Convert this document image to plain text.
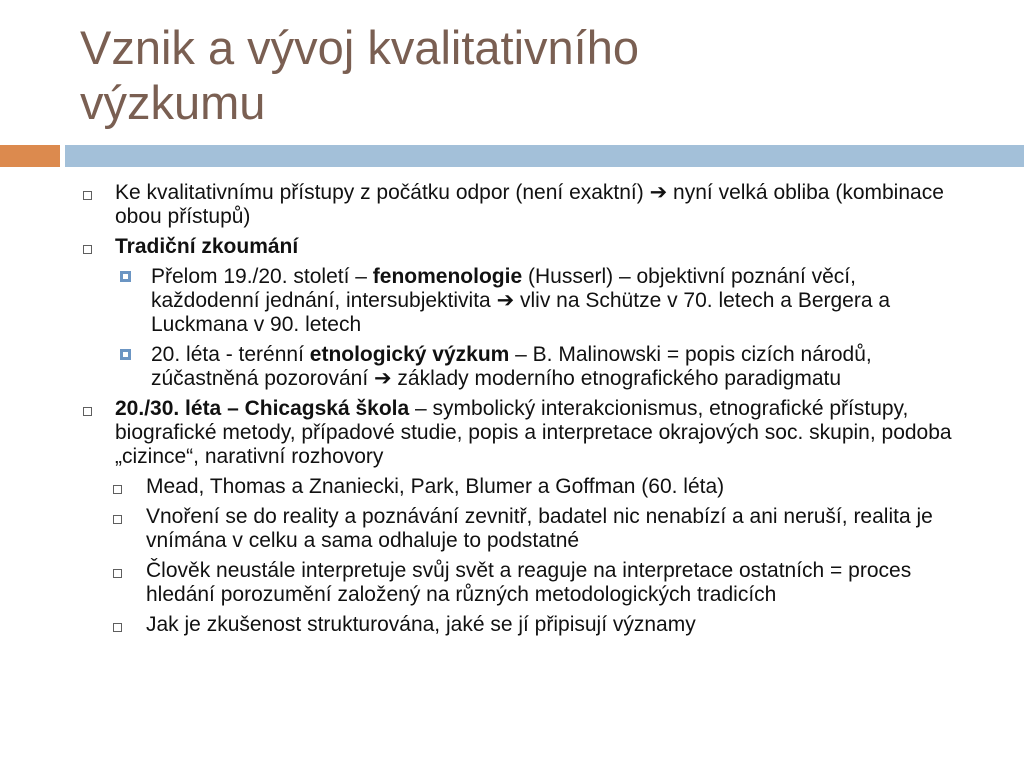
Vznik a vývoj kvalitativního
výzkumu
Ke kvalitativnímu přístupy z počátku odpor (není exaktní) ➔ nyní velká obliba (kombinace obou přístupů)
Tradiční zkoumání
Přelom 19./20. století – fenomenologie (Husserl) – objektivní poznání věcí, každodenní jednání, intersubjektivita ➔ vliv na Schütze v 70. letech a Bergera a Luckmana v 90. letech
20. léta - terénní etnologický výzkum – B. Malinowski = popis cizích národů, zúčastněná pozorování ➔ základy moderního etnografického paradigmatu
20./30. léta – Chicagská škola – symbolický interakcionismus, etnografické přístupy, biografické metody, případové studie, popis a interpretace okrajových soc. skupin, podoba „cizince“, narativní rozhovory
Mead, Thomas a Znaniecki, Park, Blumer a Goffman (60. léta)
Vnoření se do reality a poznávání zevnitř, badatel nic nenabízí a ani neruší, realita je vnímána v celku a sama odhaluje to podstatné
Člověk neustále interpretuje svůj svět a reaguje na interpretace ostatních = proces hledání porozumění založený na různých metodologických tradicích
Jak je zkušenost strukturována, jaké se jí připisují významy
